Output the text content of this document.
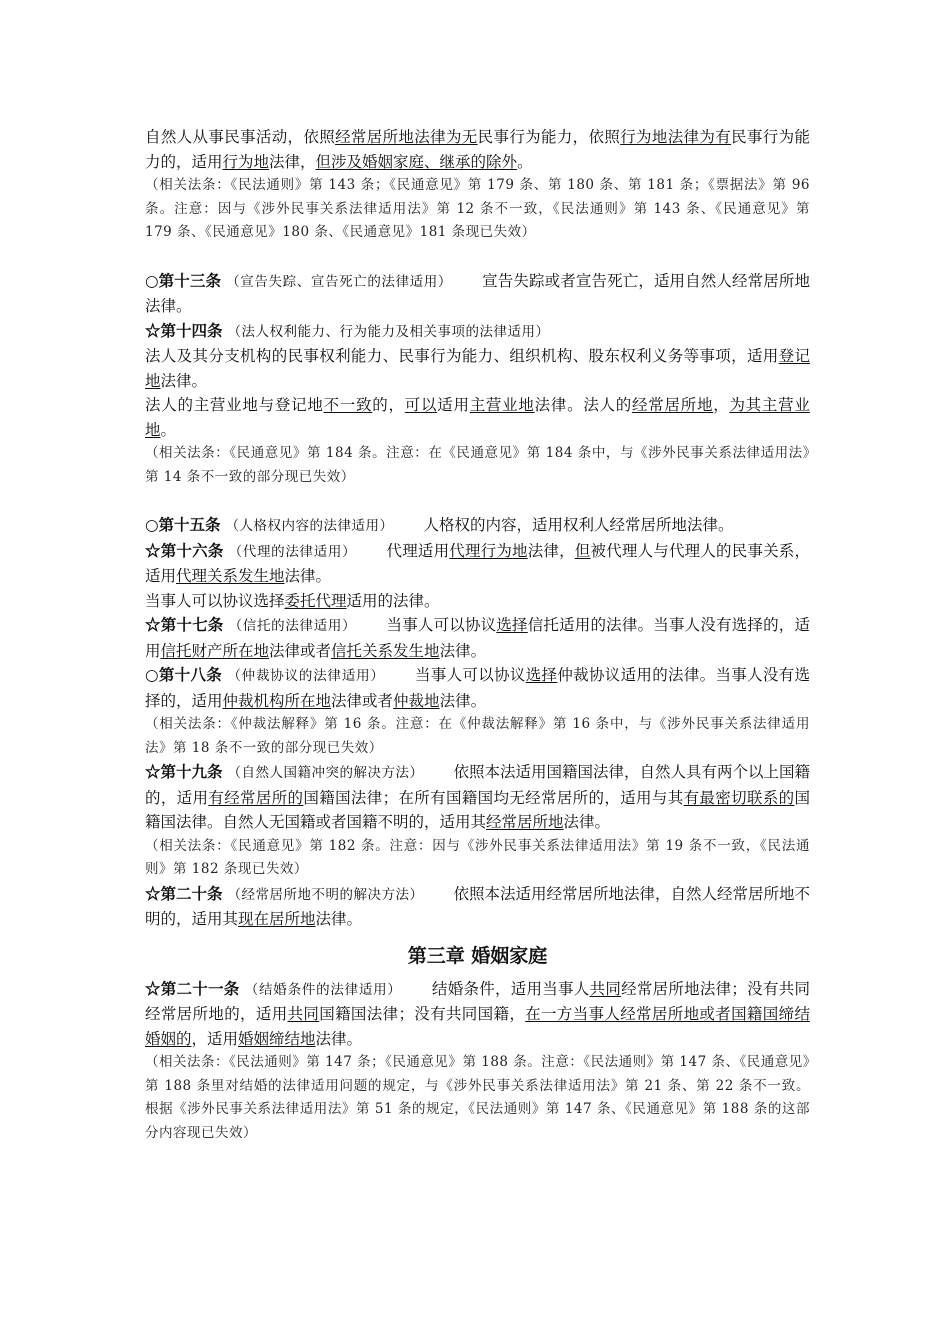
自然人从事民事活动，依照经常居所地法律为无民事行为能力，依照行为地法律为有民事行为能力的，适用行为地法律，但涉及婚姻家庭、继承的除外。

（相关法条：《民法通则》第 143 条；《民通意见》第 179 条、第 180 条、第 181 条；《票据法》第 96 条。注意：因与《涉外民事关系法律适用法》第 12 条不一致，《民法通则》第 143 条、《民通意见》第 179 条、《民通意见》180 条、《民通意见》181 条现已失效）

○第十三条 （宣告失踪、宣告死亡的法律适用） 宣告失踪或者宣告死亡，适用自然人经常居所地法律。

☆第十四条 （法人权利能力、行为能力及相关事项的法律适用）

法人及其分支机构的民事权利能力、民事行为能力、组织机构、股东权利义务等事项，适用登记地法律。

法人的主营业地与登记地不一致的，可以适用主营业地法律。法人的经常居所地，为其主营业地。

（相关法条：《民通意见》第 184 条。注意：在《民通意见》第 184 条中，与《涉外民事关系法律适用法》第 14 条不一致的部分现已失效）

○第十五条 （人格权内容的法律适用） 人格权的内容，适用权利人经常居所地法律。

☆第十六条 （代理的法律适用） 代理适用代理行为地法律，但被代理人与代理人的民事关系，适用代理关系发生地法律。

当事人可以协议选择委托代理适用的法律。

☆第十七条 （信托的法律适用） 当事人可以协议选择信托适用的法律。当事人没有选择的，适用信托财产所在地法律或者信托关系发生地法律。

○第十八条 （仲裁协议的法律适用） 当事人可以协议选择仲裁协议适用的法律。当事人没有选择的，适用仲裁机构所在地法律或者仲裁地法律。

（相关法条：《仲裁法解释》第 16 条。注意：在《仲裁法解释》第 16 条中，与《涉外民事关系法律适用法》第 18 条不一致的部分现已失效）

☆第十九条 （自然人国籍冲突的解决方法） 依照本法适用国籍国法律，自然人具有两个以上国籍的，适用有经常居所的国籍国法律；在所有国籍国均无经常居所的，适用与其有最密切联系的国籍国法律。自然人无国籍或者国籍不明的，适用其经常居所地法律。

（相关法条：《民通意见》第 182 条。注意：因与《涉外民事关系法律适用法》第 19 条不一致，《民法通则》第 182 条现已失效）

☆第二十条 （经常居所地不明的解决方法） 依照本法适用经常居所地法律，自然人经常居所地不明的，适用其现在居所地法律。

第三章 婚姻家庭

☆第二十一条 （结婚条件的法律适用） 结婚条件，适用当事人共同经常居所地法律；没有共同经常居所地的，适用共同国籍国法律；没有共同国籍，在一方当事人经常居所地或者国籍国缔结婚姻的，适用婚姻缔结地法律。

（相关法条：《民法通则》第 147 条；《民通意见》第 188 条。注意：《民法通则》第 147 条、《民通意见》第 188 条里对结婚的法律适用问题的规定，与《涉外民事关系法律适用法》第 21 条、第 22 条不一致。根据《涉外民事关系法律适用法》第 51 条的规定，《民法通则》第 147 条、《民通意见》第 188 条的这部分内容现已失效）
